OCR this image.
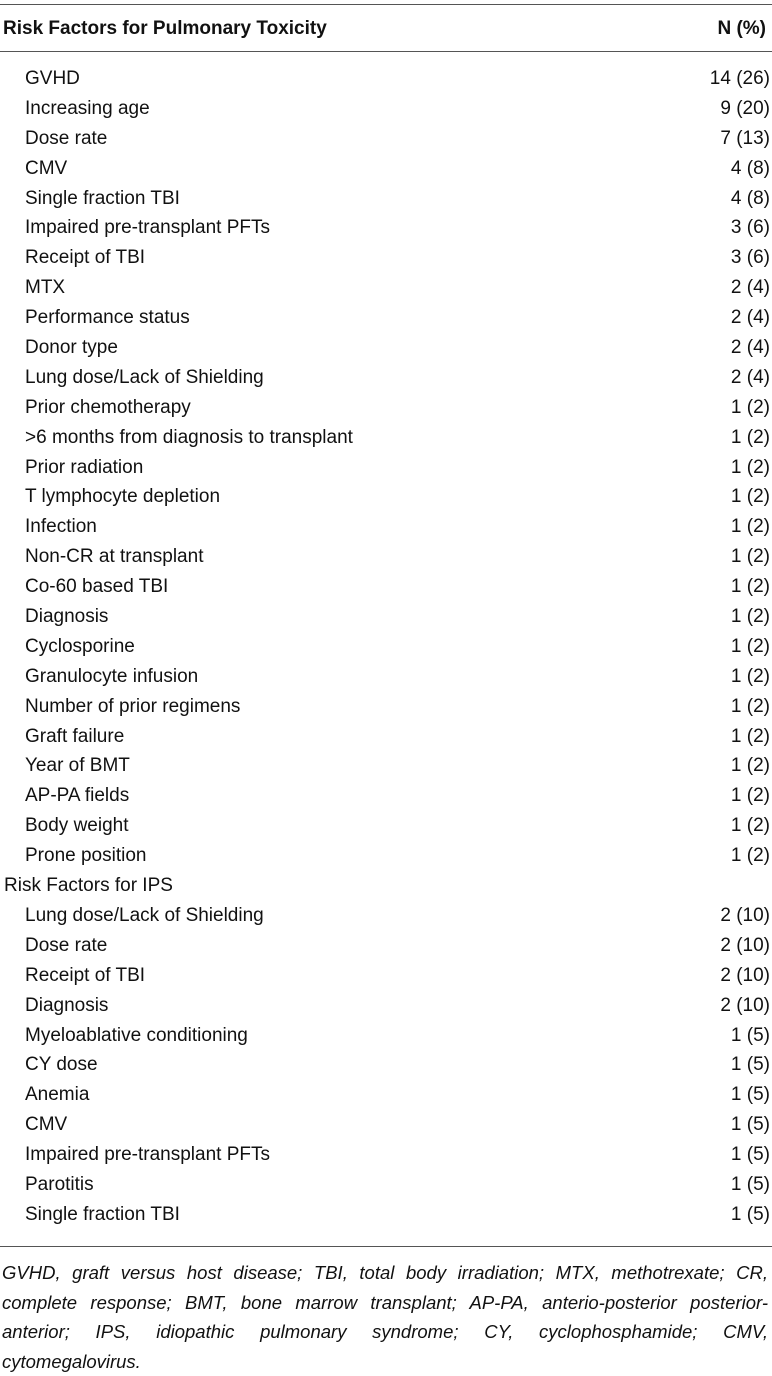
Risk Factors for Pulmonary Toxicity	N (%)
GVHD	14 (26)
Increasing age	9 (20)
Dose rate	7 (13)
CMV	4 (8)
Single fraction TBI	4 (8)
Impaired pre-transplant PFTs	3 (6)
Receipt of TBI	3 (6)
MTX	2 (4)
Performance status	2 (4)
Donor type	2 (4)
Lung dose/Lack of Shielding	2 (4)
Prior chemotherapy	1 (2)
>6 months from diagnosis to transplant	1 (2)
Prior radiation	1 (2)
T lymphocyte depletion	1 (2)
Infection	1 (2)
Non-CR at transplant	1 (2)
Co-60 based TBI	1 (2)
Diagnosis	1 (2)
Cyclosporine	1 (2)
Granulocyte infusion	1 (2)
Number of prior regimens	1 (2)
Graft failure	1 (2)
Year of BMT	1 (2)
AP-PA fields	1 (2)
Body weight	1 (2)
Prone position	1 (2)
Risk Factors for IPS
Lung dose/Lack of Shielding	2 (10)
Dose rate	2 (10)
Receipt of TBI	2 (10)
Diagnosis	2 (10)
Myeloablative conditioning	1 (5)
CY dose	1 (5)
Anemia	1 (5)
CMV	1 (5)
Impaired pre-transplant PFTs	1 (5)
Parotitis	1 (5)
Single fraction TBI	1 (5)
GVHD, graft versus host disease; TBI, total body irradiation; MTX, methotrexate; CR, complete response; BMT, bone marrow transplant; AP-PA, anterio-posterior posterior-anterior; IPS, idiopathic pulmonary syndrome; CY, cyclophosphamide; CMV, cytomegalovirus.
